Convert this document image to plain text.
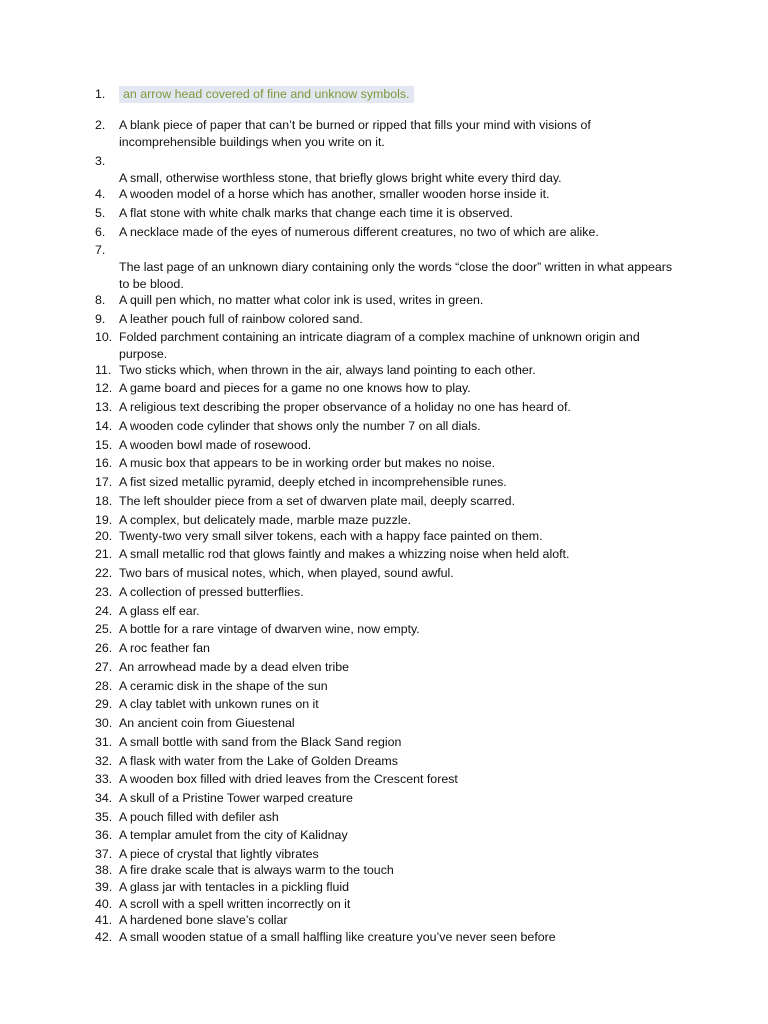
1.	an arrow head covered of fine and unknow symbols.
2.	A blank piece of paper that can’t be burned or ripped that fills your mind with visions of incomprehensible buildings when you write on it.
3.
A small, otherwise worthless stone, that briefly glows bright white every third day.
4.	A wooden model of a horse which has another, smaller wooden horse inside it.
5.	A flat stone with white chalk marks that change each time it is observed.
6.	A necklace made of the eyes of numerous different creatures, no two of which are alike.
7.
The last page of an unknown diary containing only the words “close the door” written in what appears to be blood.
8.	A quill pen which, no matter what color ink is used, writes in green.
9.	A leather pouch full of rainbow colored sand.
10. Folded parchment containing an intricate diagram of a complex machine of unknown origin and purpose.
11. Two sticks which, when thrown in the air, always land pointing to each other.
12. A game board and pieces for a game no one knows how to play.
13. A religious text describing the proper observance of a holiday no one has heard of.
14. A wooden code cylinder that shows only the number 7 on all dials.
15. A wooden bowl made of rosewood.
16. A music box that appears to be in working order but makes no noise.
17. A fist sized metallic pyramid, deeply etched in incomprehensible runes.
18. The left shoulder piece from a set of dwarven plate mail, deeply scarred.
19. A complex, but delicately made, marble maze puzzle.
20. Twenty-two very small silver tokens, each with a happy face painted on them.
21. A small metallic rod that glows faintly and makes a whizzing noise when held aloft.
22. Two bars of musical notes, which, when played, sound awful.
23. A collection of pressed butterflies.
24. A glass elf ear.
25. A bottle for a rare vintage of dwarven wine, now empty.
26. A roc feather fan
27. An arrowhead made by a dead elven tribe
28. A ceramic disk in the shape of the sun
29. A clay tablet with unkown runes on it
30. An ancient coin from Giuestenal
31. A small bottle with sand from the Black Sand region
32. A flask with water from the Lake of Golden Dreams
33. A wooden box filled with dried leaves from the Crescent forest
34. A skull of a Pristine Tower warped creature
35. A pouch filled with defiler ash
36. A templar amulet from the city of Kalidnay
37. A piece of crystal that lightly vibrates
38. A fire drake scale that is always warm to the touch
39. A glass jar with tentacles in a pickling fluid
40. A scroll with a spell written incorrectly on it
41. A hardened bone slave’s collar
42. A small wooden statue of a small halfling like creature you’ve never seen before
